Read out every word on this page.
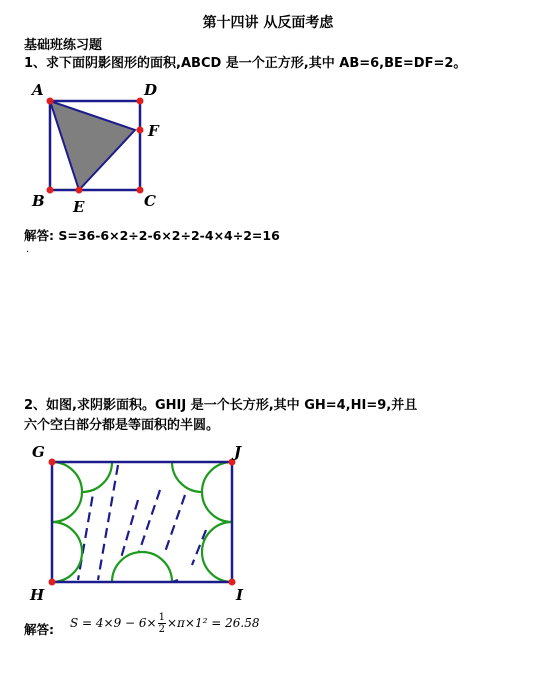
第十四讲 从反面考虑
基础班练习题
1、求下面阴影图形的面积,ABCD 是一个正方形,其中 AB=6,BE=DF=2。
A	D
F
B E	C
解答: S=36-6×2÷2-6×2÷2-4×4÷2=16
.
2、如图,求阴影面积。GHIJ 是一个长方形,其中 GH=4,HI=9,并且
六个空白部分都是等面积的半圆。
G	J
H	I
解答: $S = 4\times 9 - 6\times \frac{1}{2} \times\pi\times 1^2 = 26.58$
